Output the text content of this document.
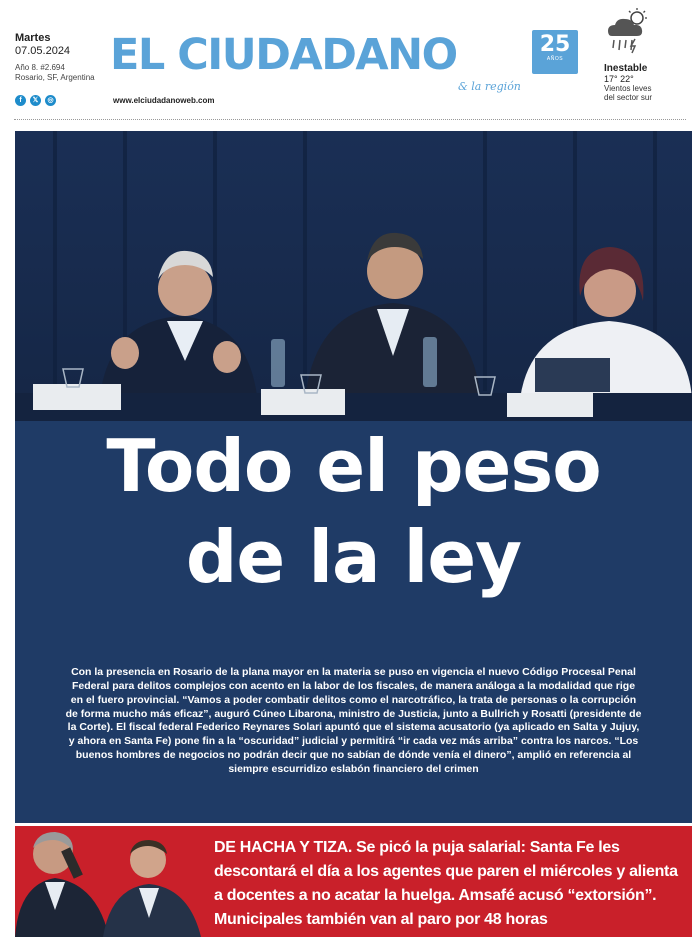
Martes
07.05.2024
Año 8. #2.694
Rosario, SF, Argentina
f	𝕏	◎	www.elciudadanoweb.com
EL CIUDADANO	25
AÑOS
& la región
Inestable
17° 22°
Vientos leves
del sector sur
Todo el peso
de la ley
Con la presencia en Rosario de la plana mayor en la materia se puso en vigencia el nuevo Código Procesal Penal Federal para delitos complejos con acento en la labor de los fiscales, de manera análoga a la modalidad que rige en el fuero provincial. “Vamos a poder combatir delitos como el narcotráfico, la trata de personas o la corrupción de forma mucho más eficaz”, auguró Cúneo Libarona, ministro de Justicia, junto a Bullrich y Rosatti (presidente de la Corte). El fiscal federal Federico Reynares Solari apuntó que el sistema acusatorio (ya aplicado en Salta y Jujuy, y ahora en Santa Fe) pone fin a la “oscuridad” judicial y permitirá “ir cada vez más arriba” contra los narcos. “Los buenos hombres de negocios no podrán decir que no sabían de dónde venía el dinero”, amplió en referencia al siempre escurridizo eslabón financiero del crimen
DE HACHA Y TIZA. Se picó la puja salarial: Santa Fe les descontará el día a los agentes que paren el miércoles y alienta a docentes a no acatar la huelga. Amsafé acusó “extorsión”. Municipales también van al paro por 48 horas
